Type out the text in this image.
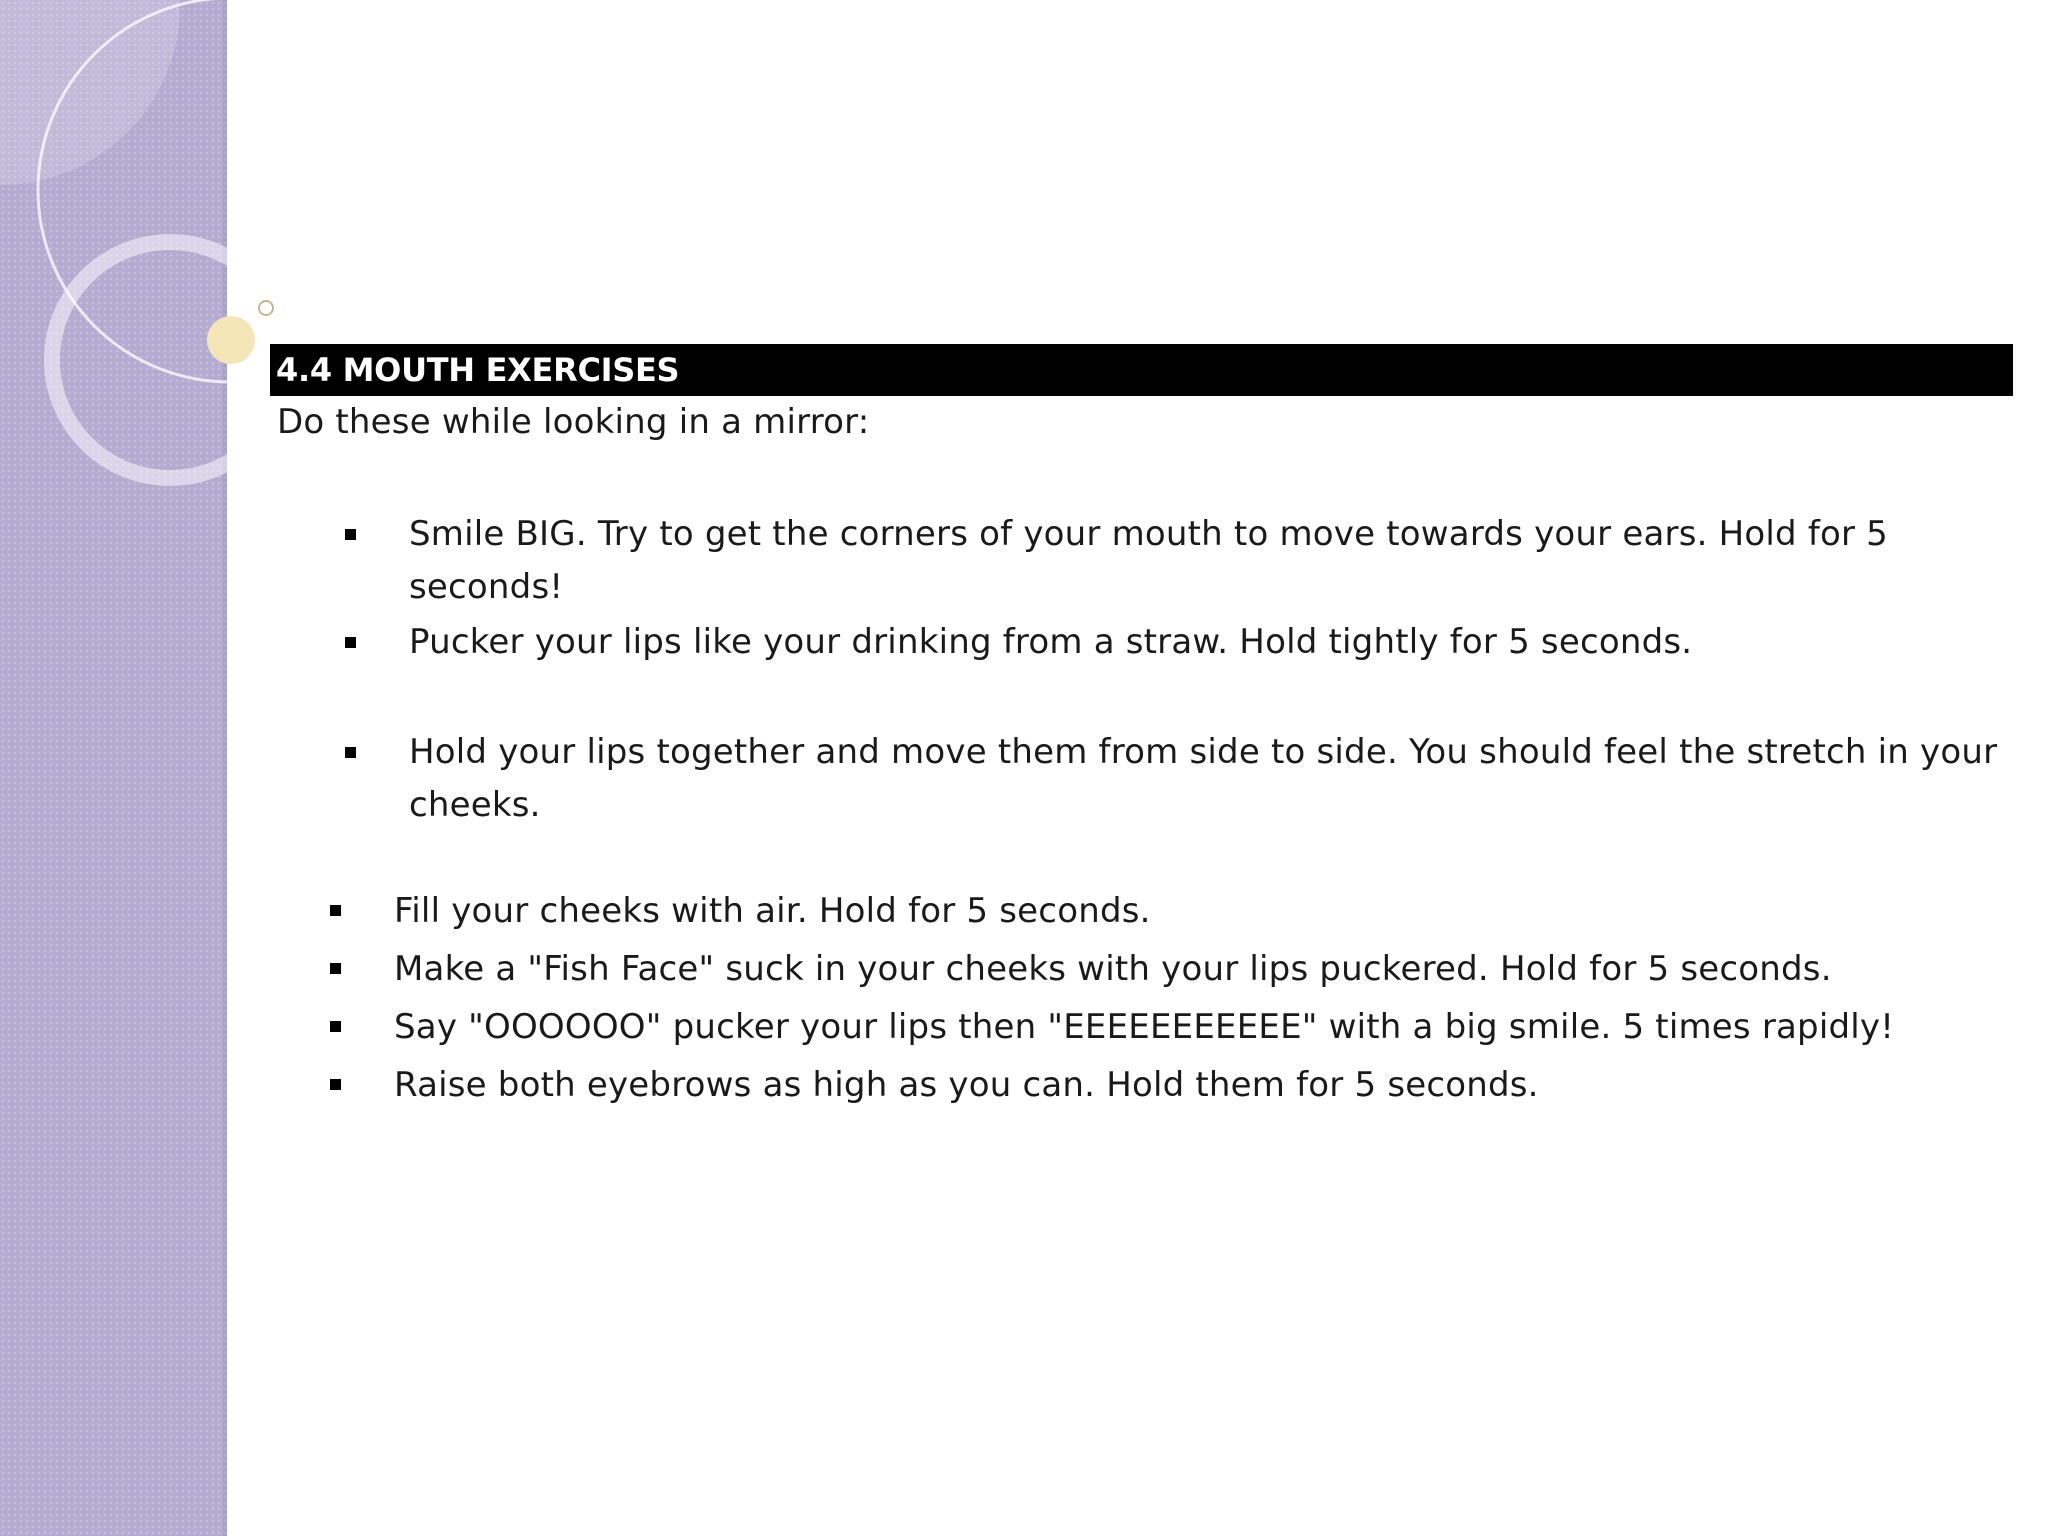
4.4 MOUTH EXERCISES
Do these while looking in a mirror:
Smile BIG. Try to get the corners of your mouth to move towards your ears. Hold for 5 seconds!
Pucker your lips like your drinking from a straw. Hold tightly for 5 seconds.
Hold your lips together and move them from side to side. You should feel the stretch in your cheeks.
Fill your cheeks with air. Hold for 5 seconds.
Make a "Fish Face" suck in your cheeks with your lips puckered. Hold for 5 seconds.
Say "OOOOOO" pucker your lips then "EEEEEEEEEEE" with a big smile. 5 times rapidly!
Raise both eyebrows as high as you can. Hold them for 5 seconds.
